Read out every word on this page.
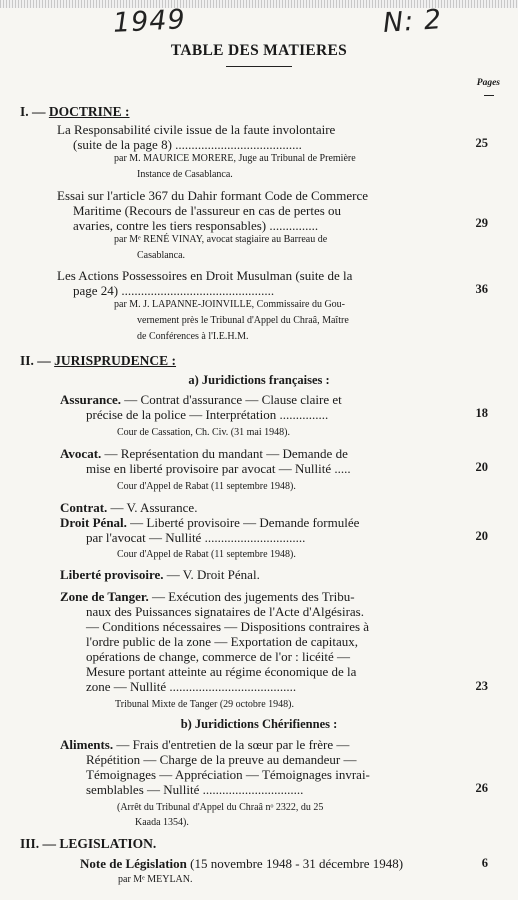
1949	N: 2
TABLE DES MATIERES
Pages
I. — DOCTRINE :
La Responsabilité civile issue de la faute involontaire
(suite de la page 8) .......................................	25
par M. MAURICE MORERE, Juge au Tribunal de Première
Instance de Casablanca.
Essai sur l'article 367 du Dahir formant Code de Commerce
Maritime (Recours de l'assureur en cas de pertes ou
avaries, contre les tiers responsables) ...............	29
par Mᵉ RENÉ VINAY, avocat stagiaire au Barreau de
Casablanca.
Les Actions Possessoires en Droit Musulman (suite de la
page 24) ...............................................	36
par M. J. LAPANNE-JOINVILLE, Commissaire du Gou-
vernement près le Tribunal d'Appel du Chraâ, Maître
de Conférences à l'I.E.H.M.
II. — JURISPRUDENCE :
a) Juridictions françaises :
Assurance. — Contrat d'assurance — Clause claire et
précise de la police — Interprétation ...............	18
Cour de Cassation, Ch. Civ. (31 mai 1948).
Avocat. — Représentation du mandant — Demande de
mise en liberté provisoire par avocat — Nullité .....	20
Cour d'Appel de Rabat (11 septembre 1948).
Contrat. — V. Assurance.
Droit Pénal. — Liberté provisoire — Demande formulée
par l'avocat — Nullité ...............................	20
Cour d'Appel de Rabat (11 septembre 1948).
Liberté provisoire. — V. Droit Pénal.
Zone de Tanger. — Exécution des jugements des Tribu-
naux des Puissances signataires de l'Acte d'Algésiras.
— Conditions nécessaires — Dispositions contraires à
l'ordre public de la zone — Exportation de capitaux,
opérations de change, commerce de l'or : licéité —
Mesure portant atteinte au régime économique de la
zone — Nullité .......................................	23
Tribunal Mixte de Tanger (29 octobre 1948).
b) Juridictions Chérifiennes :
Aliments. — Frais d'entretien de la sœur par le frère —
Répétition — Charge de la preuve au demandeur —
Témoignages — Appréciation — Témoignages invrai-
semblables — Nullité ...............................	26
(Arrêt du Tribunal d'Appel du Chraâ nᵒ 2322, du 25
Kaada 1354).
III. — LEGISLATION.
Note de Législation (15 novembre 1948 - 31 décembre 1948)	6
par Mᵉ MEYLAN.
